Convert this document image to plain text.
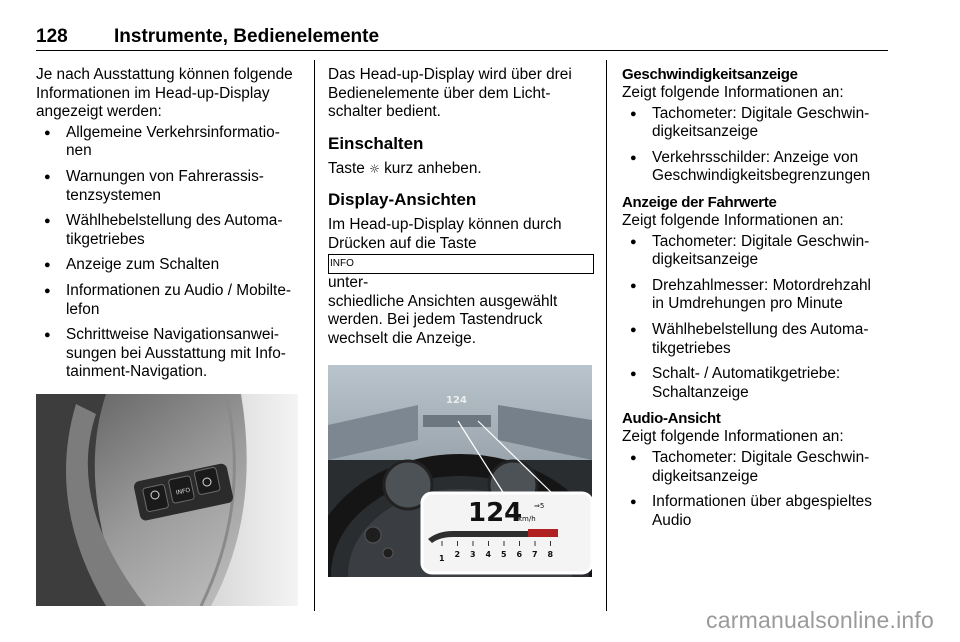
128 Instrumente, Bedienelemente

Je nach Ausstattung können folgende
Informationen im Head-up-Display
angezeigt werden:

● Allgemeine Verkehrsinformatio-
nen
● Warnungen von Fahrerassis-
tenzsystemen
● Wählhebelstellung des Automa-
tikgetriebes
● Anzeige zum Schalten
● Informationen zu Audio / Mobilte-
lefon
● Schrittweise Navigationsanwei-
sungen bei Ausstattung mit Info-
tainment-Navigation.
INFO

Das Head-up-Display wird über drei
Bedienelemente über dem Licht-
schalter bedient.

Einschalten

Taste ☼ kurz anheben.

Display-Ansichten

Im Head-up-Display können durch
Drücken auf die Taste
INFO
unter-
schiedliche Ansichten ausgewählt
werden. Bei jedem Tastendruck
wechselt die Anzeige.

124
124
km/h
⇒5
1 2 3 4 5 6 7 8
Geschwindigkeitsanzeige

Zeigt folgende Informationen an:

● Tachometer: Digitale Geschwin-
digkeitsanzeige
● Verkehrsschilder: Anzeige von
Geschwindigkeitsbegrenzungen
Anzeige der Fahrwerte

Zeigt folgende Informationen an:

● Tachometer: Digitale Geschwin-
digkeitsanzeige
● Drehzahlmesser: Motordrehzahl
in Umdrehungen pro Minute
● Wählhebelstellung des Automa-
tikgetriebes
● Schalt- / Automatikgetriebe:
Schaltanzeige
Audio-Ansicht

Zeigt folgende Informationen an:

● Tachometer: Digitale Geschwin-
digkeitsanzeige
● Informationen über abgespieltes
Audio
carmanualsonline.info
